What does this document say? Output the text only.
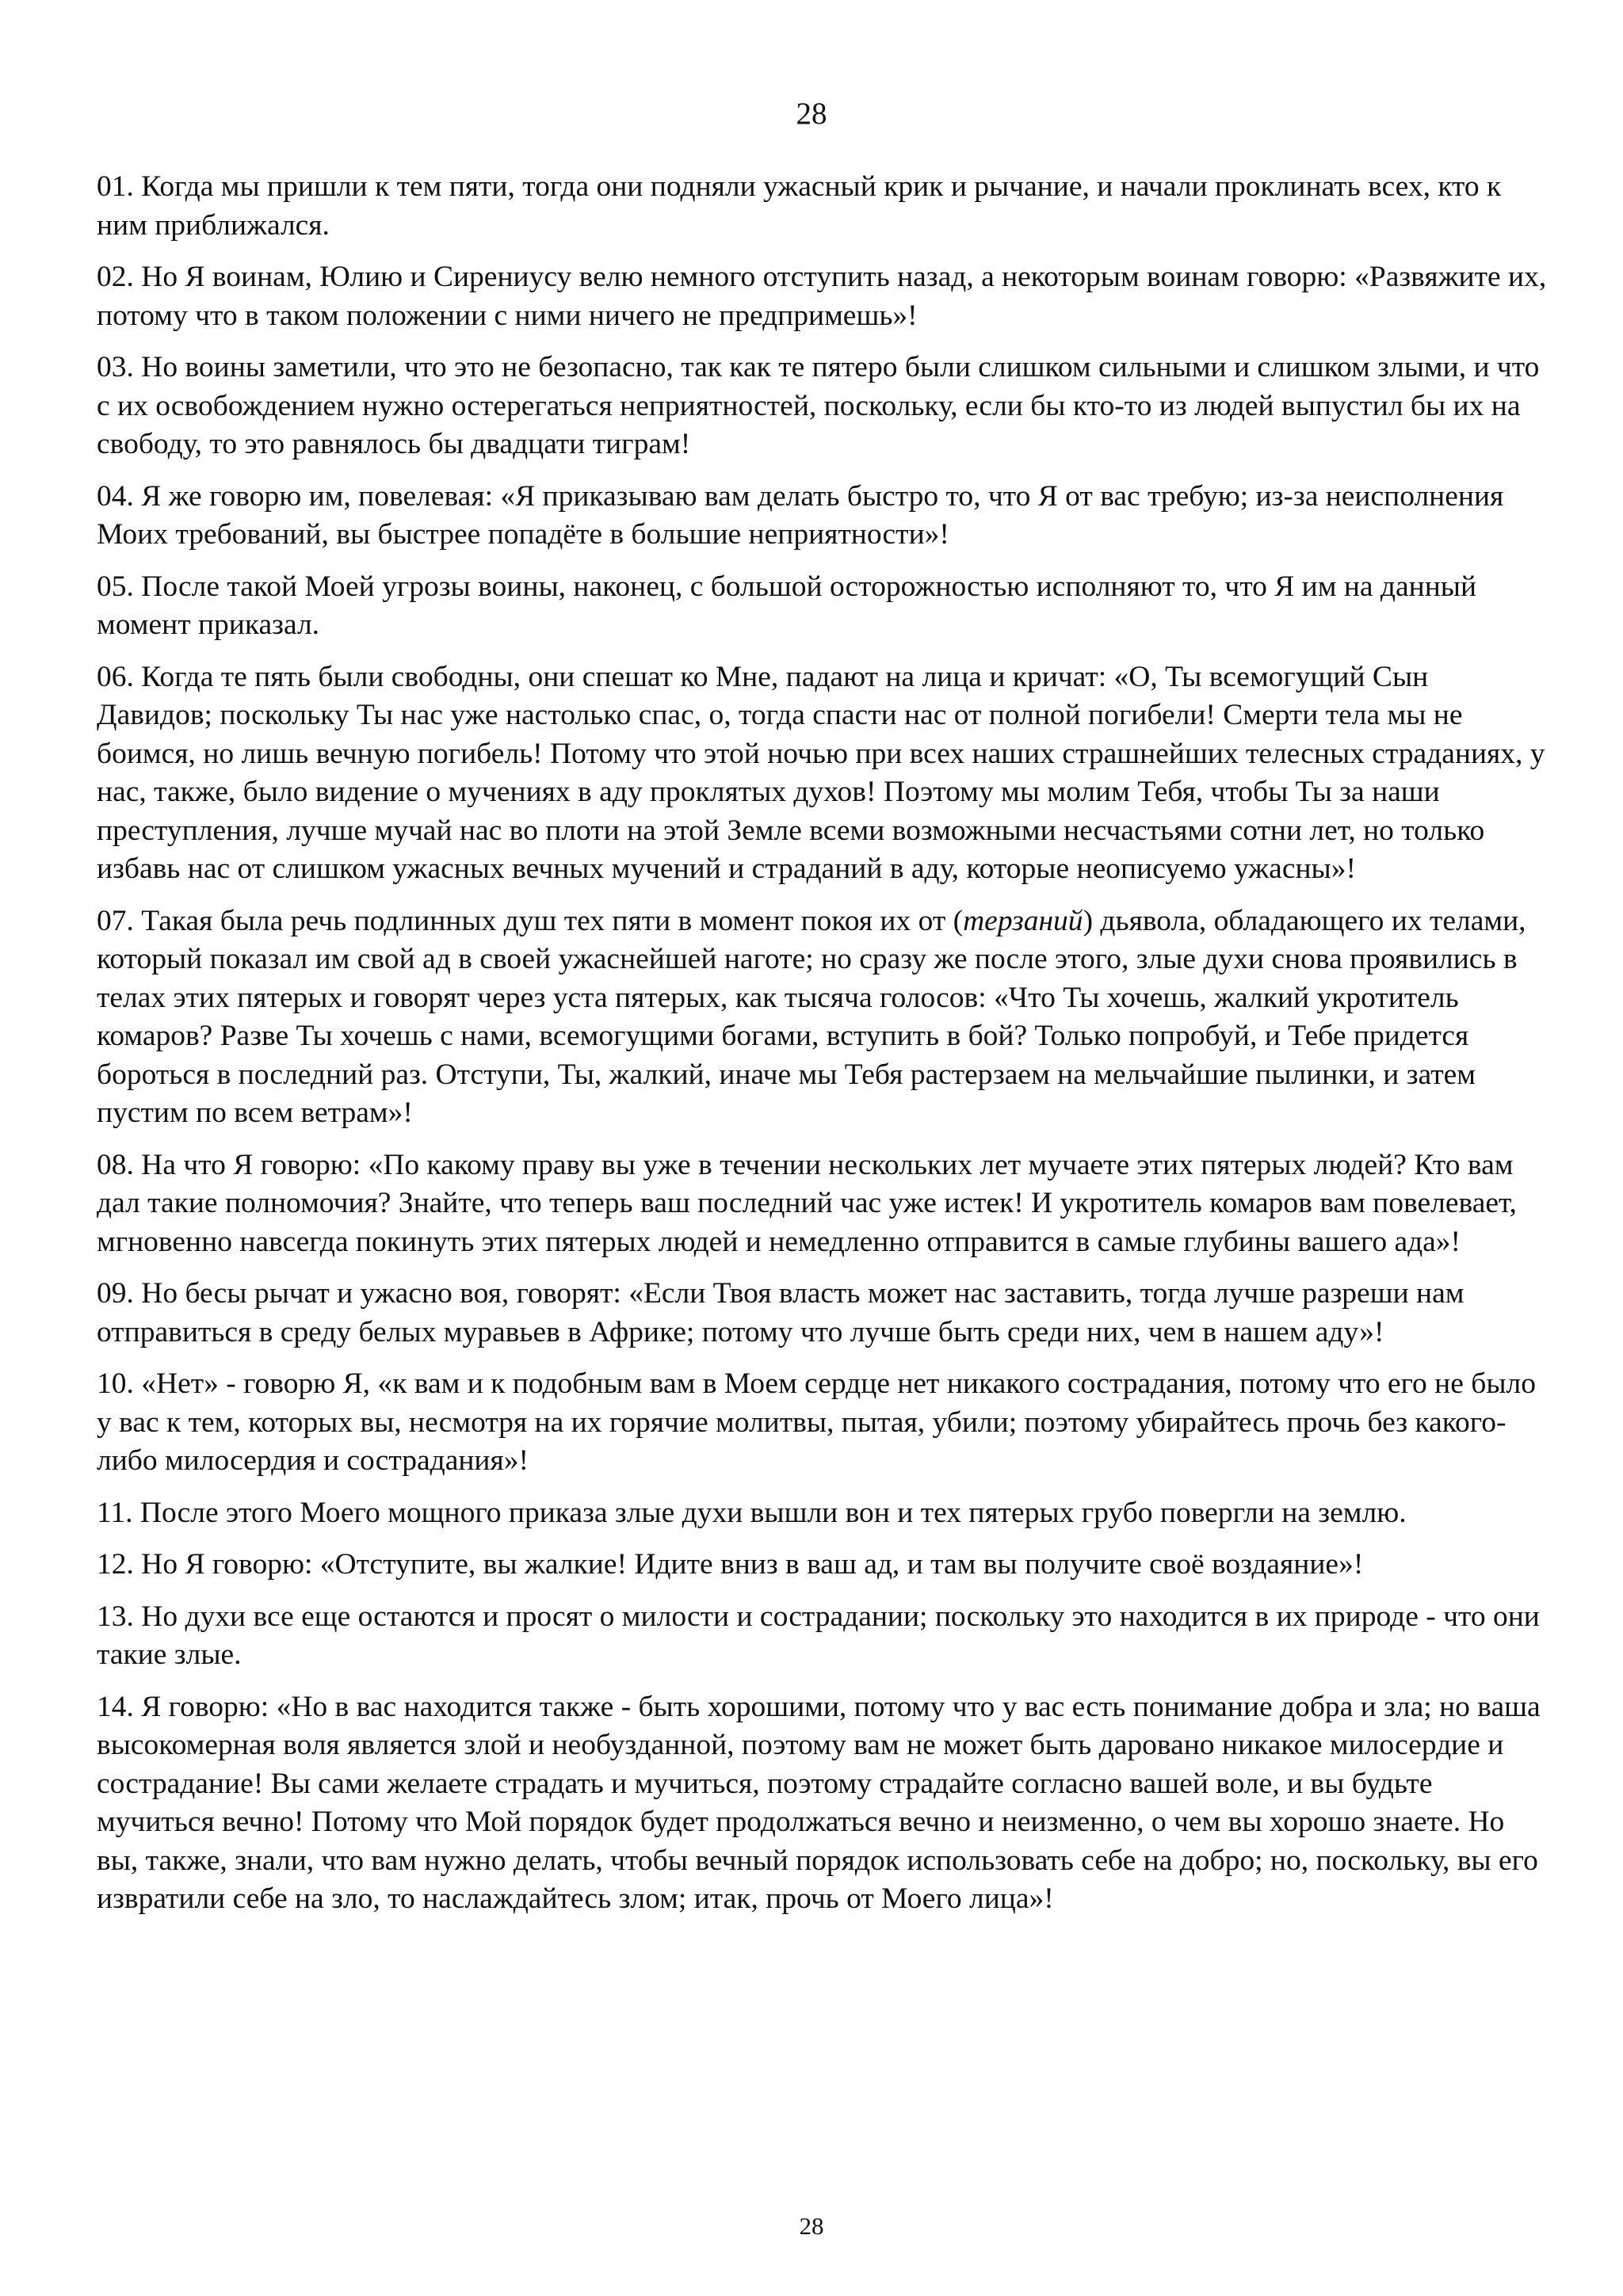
28

01. Когда мы пришли к тем пяти, тогда они подняли ужасный крик и рычание, и начали проклинать всех, кто к ним приближался.

02. Но Я воинам, Юлию и Сирениусу велю немного отступить назад, а некоторым воинам говорю: «Развяжите их, потому что в таком положении с ними ничего не предпримешь»!

03. Но воины заметили, что это не безопасно, так как те пятеро были слишком сильными и слишком злыми, и что с их освобождением нужно остерегаться неприятностей, поскольку, если бы кто-то из людей выпустил бы их на свободу, то это равнялось бы двадцати тиграм!

04. Я же говорю им, повелевая: «Я приказываю вам делать быстро то, что Я от вас требую; из-за неисполнения Моих требований, вы быстрее попадёте в большие неприятности»!

05. После такой Моей угрозы воины, наконец, с большой осторожностью исполняют то, что Я им на данный момент приказал.

06. Когда те пять были свободны, они спешат ко Мне, падают на лица и кричат: «О, Ты всемогущий Сын Давидов; поскольку Ты нас уже настолько спас, о, тогда спасти нас от полной погибели! Смерти тела мы не боимся, но лишь вечную погибель! Потому что этой ночью при всех наших страшнейших телесных страданиях, у нас, также, было видение о мучениях в аду проклятых духов! Поэтому мы молим Тебя, чтобы Ты за наши преступления, лучше мучай нас во плоти на этой Земле всеми возможными несчастьями сотни лет, но только избавь нас от слишком ужасных вечных мучений и страданий в аду, которые неописуемо ужасны»!

07. Такая была речь подлинных душ тех пяти в момент покоя их от (терзаний) дьявола, обладающего их телами, который показал им свой ад в своей ужаснейшей наготе; но сразу же после этого, злые духи снова проявились в телах этих пятерых и говорят через уста пятерых, как тысяча голосов: «Что Ты хочешь, жалкий укротитель комаров? Разве Ты хочешь с нами, всемогущими богами, вступить в бой? Только попробуй, и Тебе придется бороться в последний раз. Отступи, Ты, жалкий, иначе мы Тебя растерзаем на мельчайшие пылинки, и затем пустим по всем ветрам»!

08. На что Я говорю: «По какому праву вы уже в течении нескольких лет мучаете этих пятерых людей? Кто вам дал такие полномочия? Знайте, что теперь ваш последний час уже истек! И укротитель комаров вам повелевает, мгновенно навсегда покинуть этих пятерых людей и немедленно отправится в самые глубины вашего ада»!

09. Но бесы рычат и ужасно воя, говорят: «Если Твоя власть может нас заставить, тогда лучше разреши нам отправиться в среду белых муравьев в Африке; потому что лучше быть среди них, чем в нашем аду»!

10. «Нет» - говорю Я, «к вам и к подобным вам в Моем сердце нет никакого сострадания, потому что его не было у вас к тем, которых вы, несмотря на их горячие молитвы, пытая, убили; поэтому убирайтесь прочь без какого-либо милосердия и сострадания»!

11. После этого Моего мощного приказа злые духи вышли вон и тех пятерых грубо повергли на землю.

12. Но Я говорю: «Отступите, вы жалкие! Идите вниз в ваш ад, и там вы получите своё воздаяние»!

13. Но духи все еще остаются и просят о милости и сострадании; поскольку это находится в их природе - что они такие злые.

14. Я говорю: «Но в вас находится также - быть хорошими, потому что у вас есть понимание добра и зла; но ваша высокомерная воля является злой и необузданной, поэтому вам не может быть даровано никакое милосердие и сострадание! Вы сами желаете страдать и мучиться, поэтому страдайте согласно вашей воле, и вы будьте мучиться вечно! Потому что Мой порядок будет продолжаться вечно и неизменно, о чем вы хорошо знаете. Но вы, также, знали, что вам нужно делать, чтобы вечный порядок использовать себе на добро; но, поскольку, вы его извратили себе на зло, то наслаждайтесь злом; итак, прочь от Моего лица»!

28
